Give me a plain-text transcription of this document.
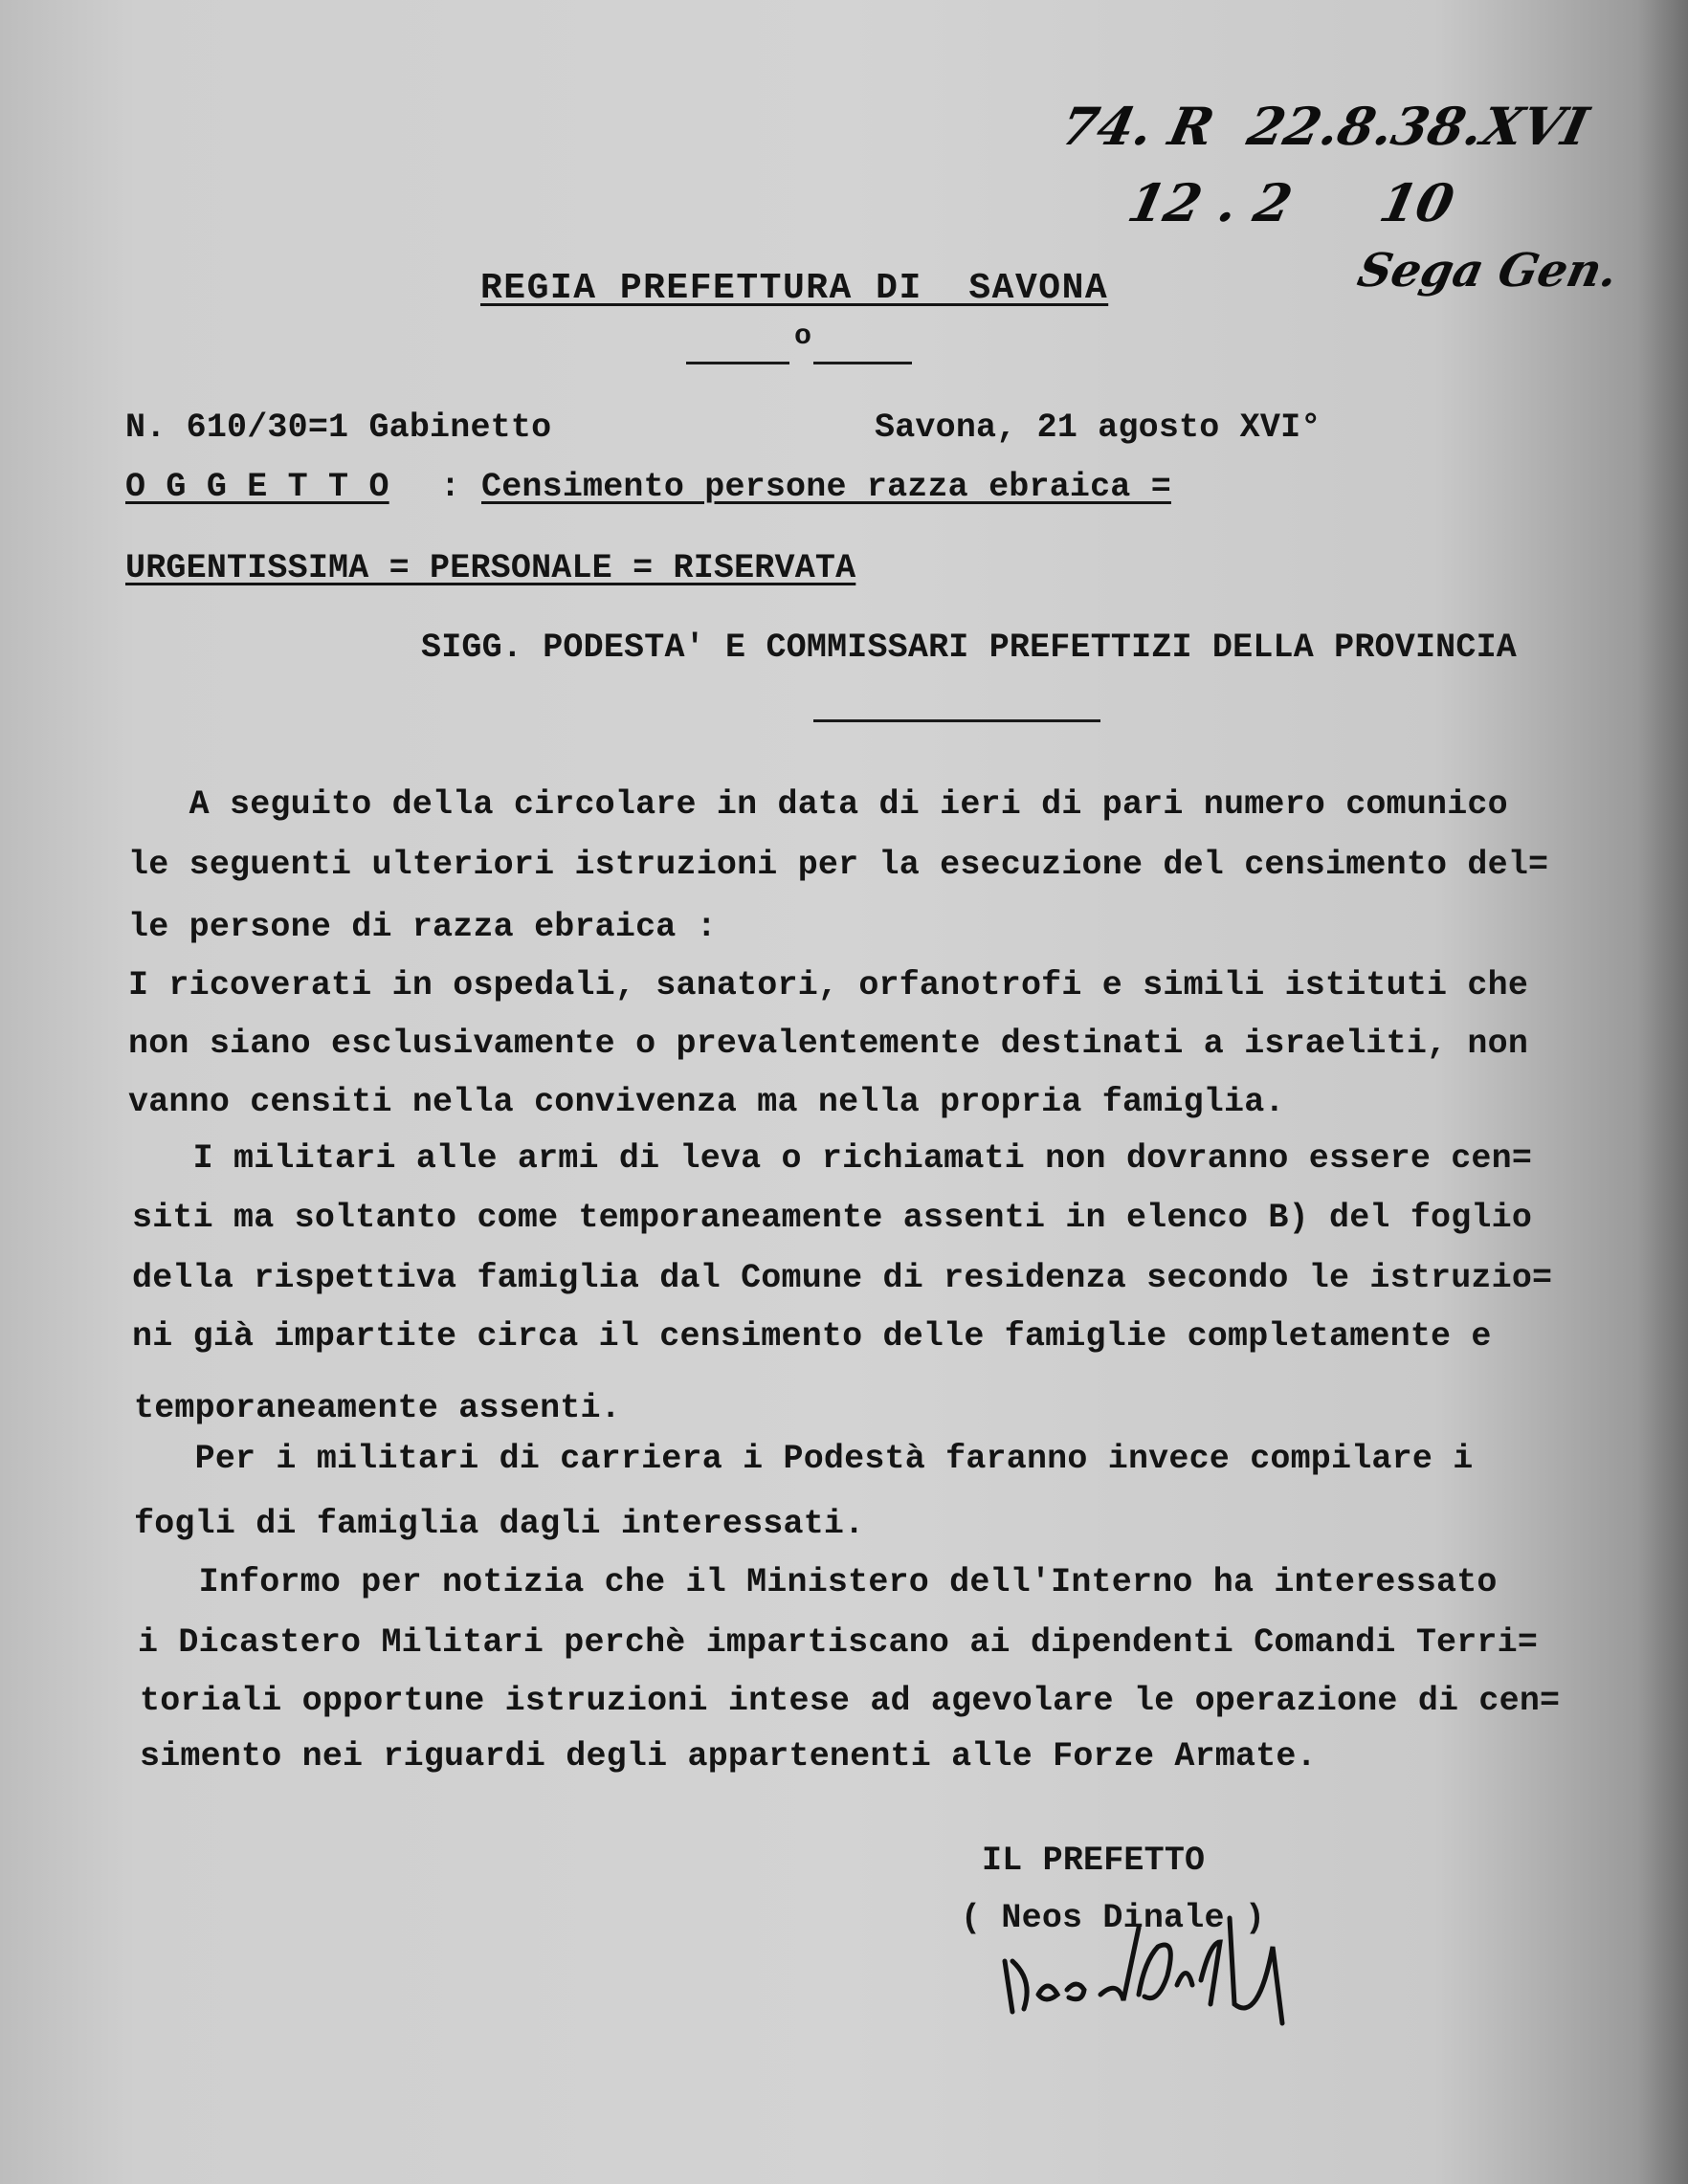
74. R  22.8.38.XVI
12 . 2     10
Sega Gen.
REGIA PREFETTURA DI  SAVONA
o
N. 610/30=1 Gabinetto	Savona, 21 agosto XVI°
O G G E T T O : Censimento persone razza ebraica =
URGENTISSIMA = PERSONALE = RISERVATA
SIGG. PODESTA' E COMMISSARI PREFETTIZI DELLA PROVINCIA
A seguito della circolare in data di ieri di pari numero comunico
le seguenti ulteriori istruzioni per la esecuzione del censimento del=
le persone di razza ebraica :
I ricoverati in ospedali, sanatori, orfanotrofi e simili istituti che
non siano esclusivamente o prevalentemente destinati a israeliti, non
vanno censiti nella convivenza ma nella propria famiglia.
I militari alle armi di leva o richiamati non dovranno essere cen=
siti ma soltanto come temporaneamente assenti in elenco B) del foglio
della rispettiva famiglia dal Comune di residenza secondo le istruzio=
ni già impartite circa il censimento delle famiglie completamente e
temporaneamente assenti.
Per i militari di carriera i Podestà faranno invece compilare i
fogli di famiglia dagli interessati.
Informo per notizia che il Ministero dell'Interno ha interessato
i Dicastero Militari perchè impartiscano ai dipendenti Comandi Terri=
toriali opportune istruzioni intese ad agevolare le operazione di cen=
simento nei riguardi degli appartenenti alle Forze Armate.
IL PREFETTO
( Neos Dinale )
